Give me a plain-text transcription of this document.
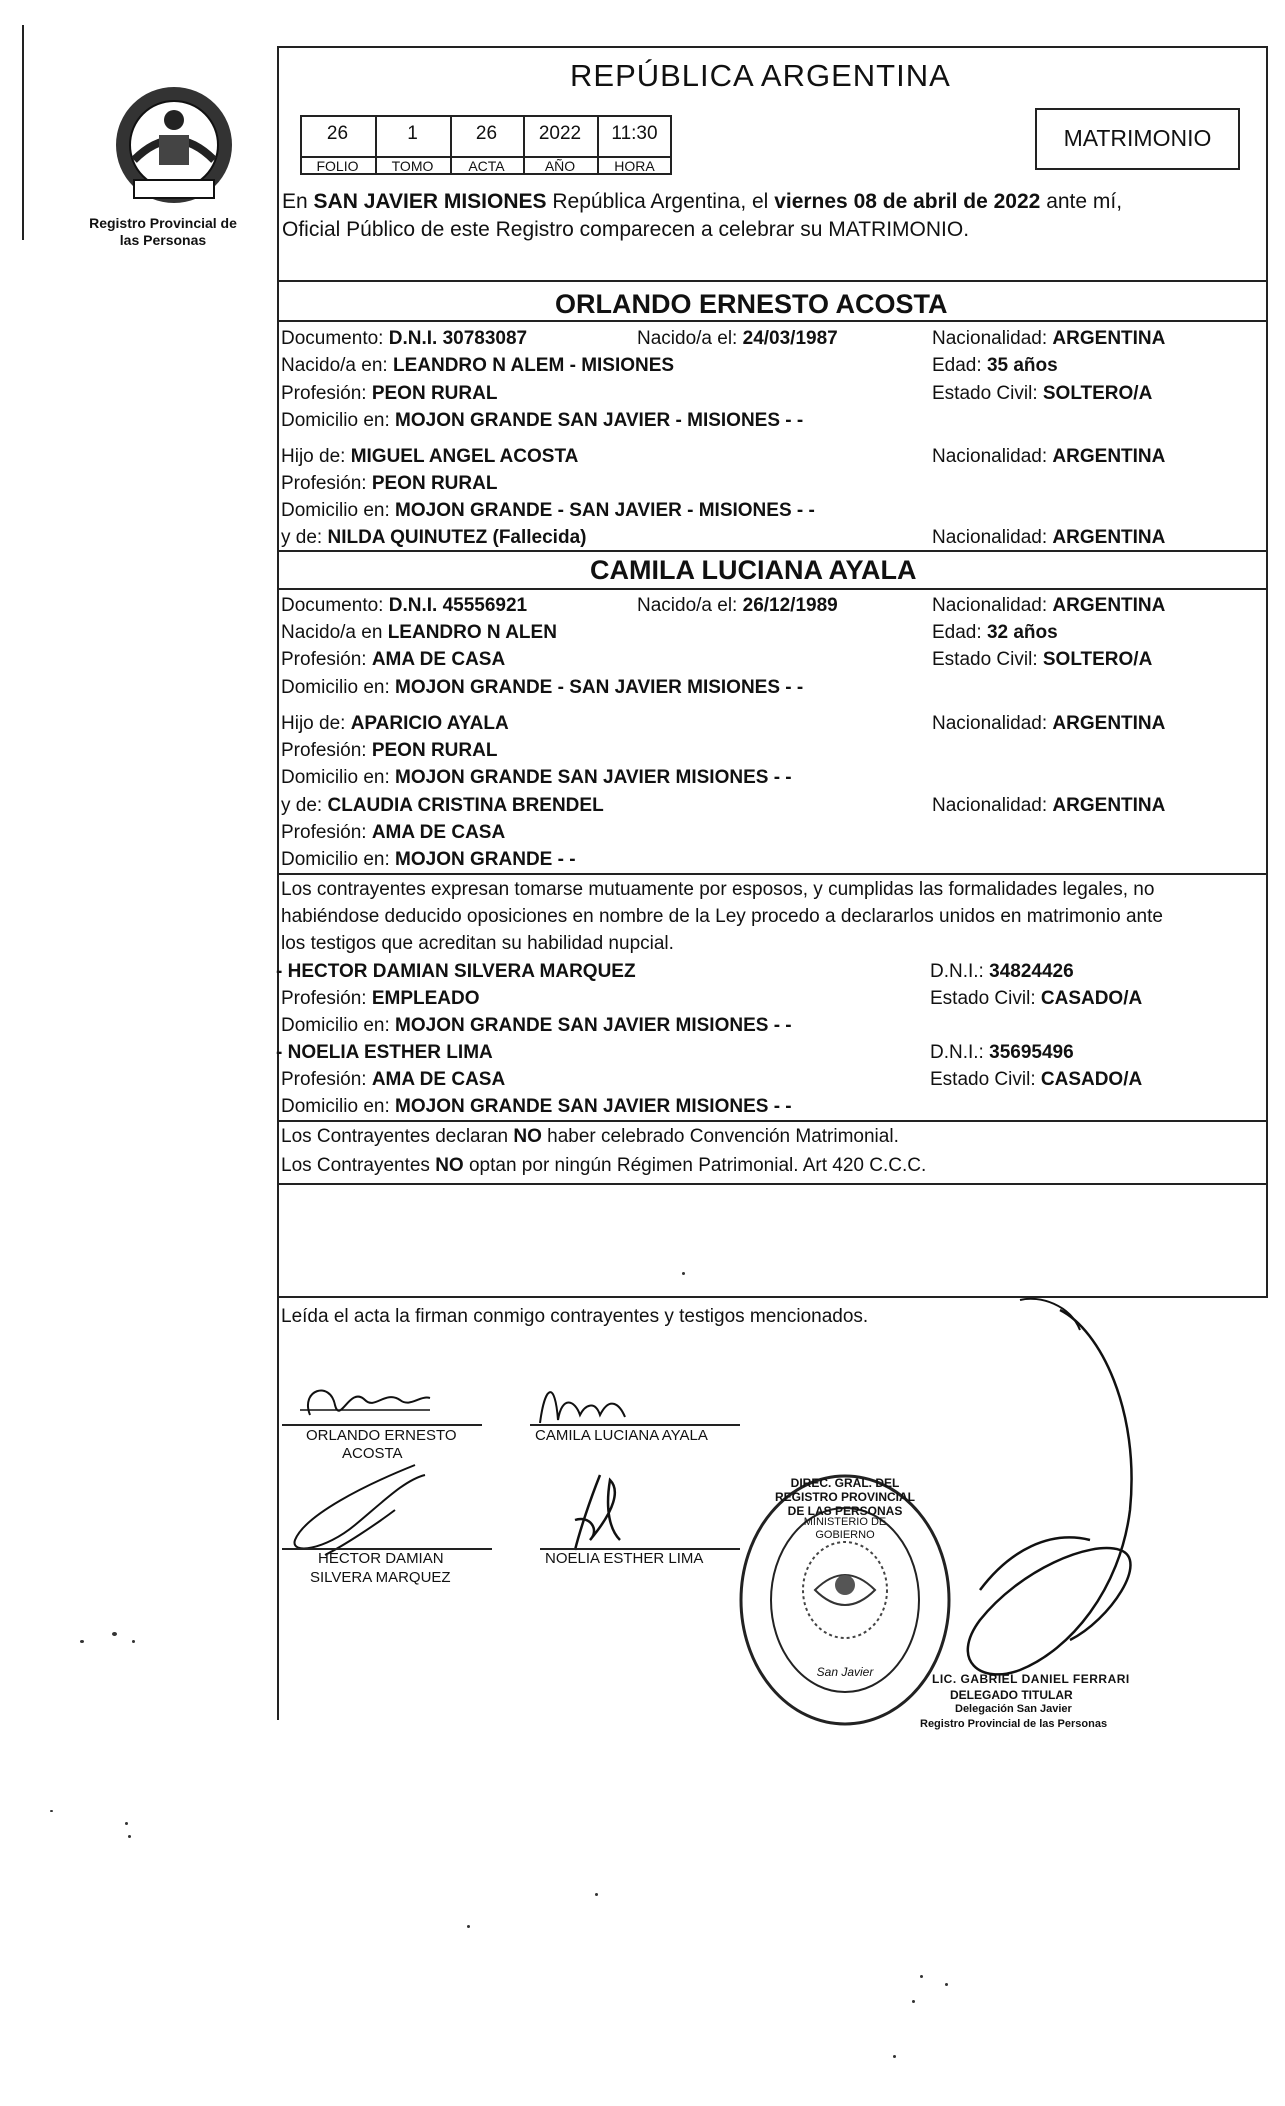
Registro Provincial de las Personas
REPÚBLICA ARGENTINA
26	1	26	2022	11:30
FOLIO	TOMO	ACTA	AÑO	HORA
MATRIMONIO
En SAN JAVIER MISIONES República Argentina, el viernes 08 de abril de 2022 ante mí,
Oficial Público de este Registro comparecen a celebrar su MATRIMONIO.
ORLANDO ERNESTO ACOSTA
Documento: D.N.I. 30783087	Nacido/a el: 24/03/1987	Nacionalidad: ARGENTINA
Nacido/a en: LEANDRO N ALEM - MISIONES	Edad: 35 años
Profesión: PEON RURAL	Estado Civil: SOLTERO/A
Domicilio en: MOJON GRANDE SAN JAVIER - MISIONES - -
Hijo de: MIGUEL ANGEL ACOSTA	Nacionalidad: ARGENTINA
Profesión: PEON RURAL
Domicilio en: MOJON GRANDE - SAN JAVIER - MISIONES - -
y de: NILDA QUINUTEZ (Fallecida)	Nacionalidad: ARGENTINA
CAMILA LUCIANA AYALA
Documento: D.N.I. 45556921	Nacido/a el: 26/12/1989	Nacionalidad: ARGENTINA
Nacido/a en LEANDRO N ALEN	Edad: 32 años
Profesión: AMA DE CASA	Estado Civil: SOLTERO/A
Domicilio en: MOJON GRANDE - SAN JAVIER MISIONES - -
Hijo de: APARICIO AYALA	Nacionalidad: ARGENTINA
Profesión: PEON RURAL
Domicilio en: MOJON GRANDE SAN JAVIER MISIONES - -
y de: CLAUDIA CRISTINA BRENDEL	Nacionalidad: ARGENTINA
Profesión: AMA DE CASA
Domicilio en: MOJON GRANDE - -
Los contrayentes expresan tomarse mutuamente por esposos, y cumplidas las formalidades legales, no
habiéndose deducido oposiciones en nombre de la Ley procedo a declararlos unidos en matrimonio ante
los testigos que acreditan su habilidad nupcial.
- HECTOR DAMIAN SILVERA MARQUEZ	D.N.I.: 34824426
Profesión: EMPLEADO	Estado Civil: CASADO/A
Domicilio en: MOJON GRANDE SAN JAVIER MISIONES - -
- NOELIA ESTHER LIMA	D.N.I.: 35695496
Profesión: AMA DE CASA	Estado Civil: CASADO/A
Domicilio en: MOJON GRANDE SAN JAVIER MISIONES - -
Los Contrayentes declaran NO haber celebrado Convención Matrimonial.
Los Contrayentes NO optan por ningún Régimen Patrimonial. Art 420 C.C.C.
Leída el acta la firman conmigo contrayentes y testigos mencionados.
ORLANDO ERNESTO
ACOSTA
CAMILA LUCIANA AYALA
HECTOR DAMIAN
SILVERA MARQUEZ
NOELIA ESTHER LIMA
DIREC. GRAL. DEL REGISTRO PROVINCIAL DE LAS PERSONAS
MINISTERIO DE GOBIERNO
San Javier	LIC. GABRIEL DANIEL FERRARI
DELEGADO TITULAR
Delegación San Javier
Registro Provincial de las Personas
